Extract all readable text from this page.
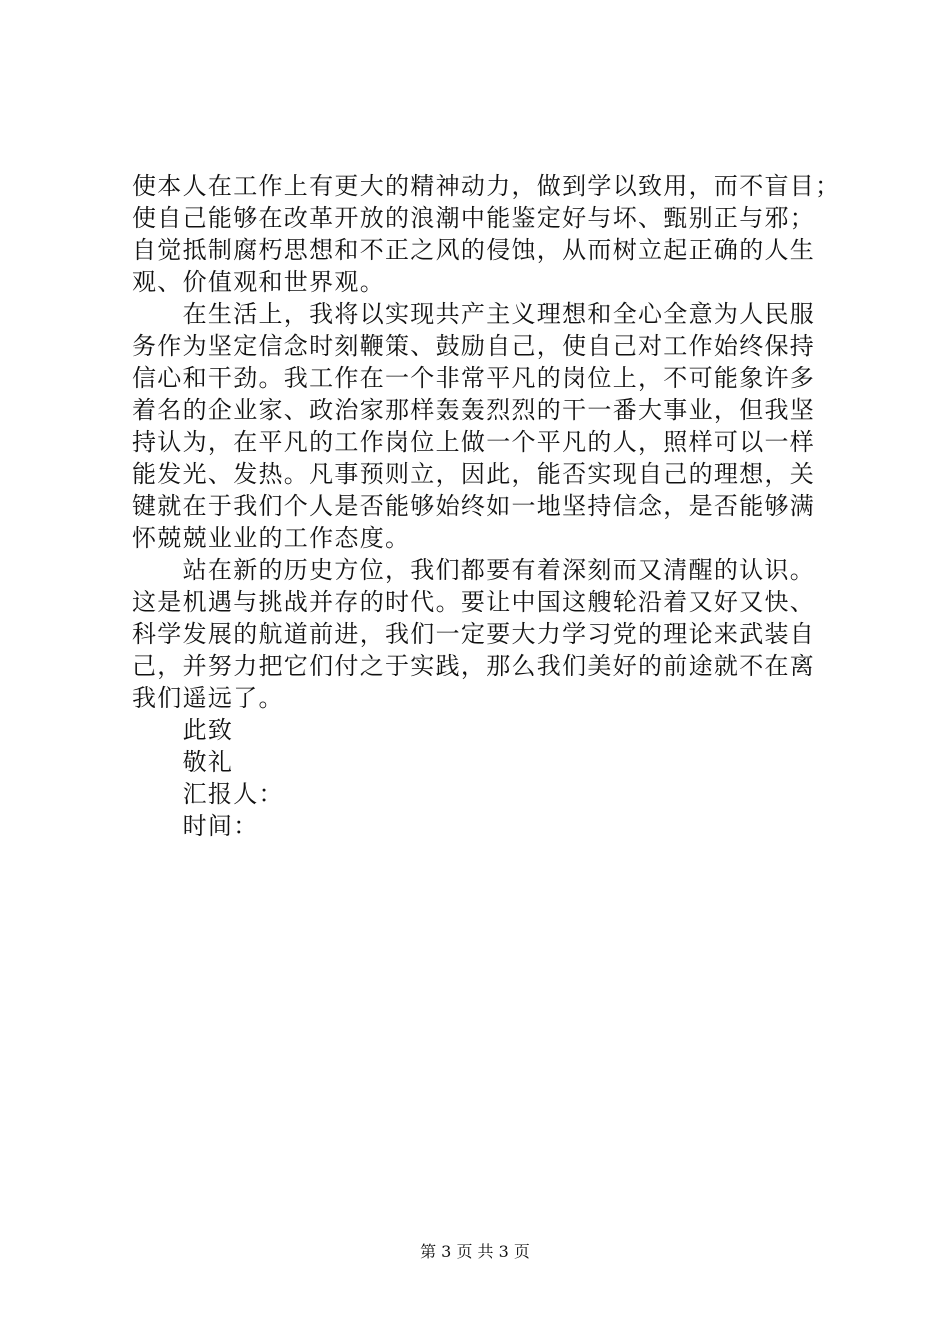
使本人在工作上有更大的精神动力，做到学以致用，而不盲目；
使自己能够在改革开放的浪潮中能鉴定好与坏、甄别正与邪；
自觉抵制腐朽思想和不正之风的侵蚀，从而树立起正确的人生
观、价值观和世界观。
　　在生活上，我将以实现共产主义理想和全心全意为人民服
务作为坚定信念时刻鞭策、鼓励自己，使自己对工作始终保持
信心和干劲。我工作在一个非常平凡的岗位上，不可能象许多
着名的企业家、政治家那样轰轰烈烈的干一番大事业，但我坚
持认为，在平凡的工作岗位上做一个平凡的人，照样可以一样
能发光、发热。凡事预则立，因此，能否实现自己的理想，关
键就在于我们个人是否能够始终如一地坚持信念，是否能够满
怀兢兢业业的工作态度。
　　站在新的历史方位，我们都要有着深刻而又清醒的认识。
这是机遇与挑战并存的时代。要让中国这艘轮沿着又好又快、
科学发展的航道前进，我们一定要大力学习党的理论来武装自
己，并努力把它们付之于实践，那么我们美好的前途就不在离
我们遥远了。
　　此致
　　敬礼
　　汇报人：
　　时间：
第 3 页 共 3 页
